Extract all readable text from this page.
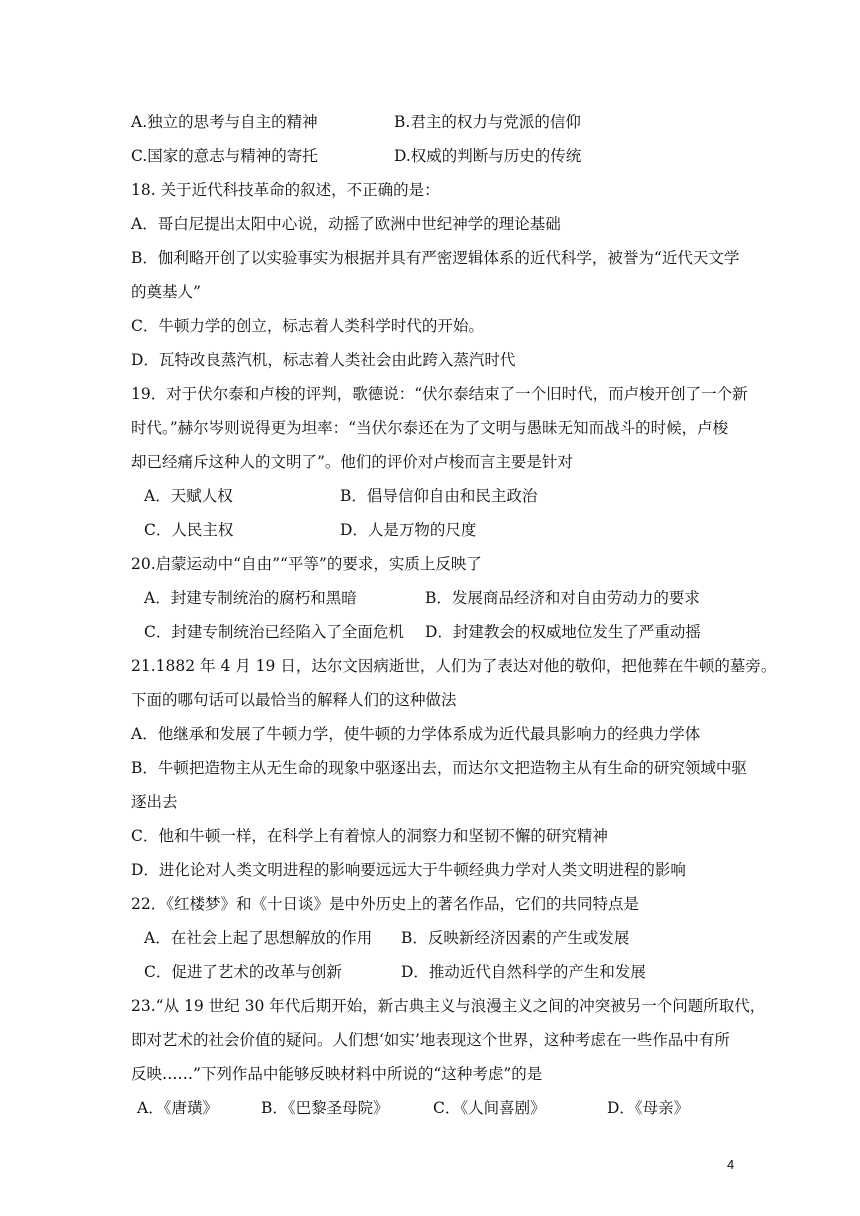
A.独立的思考与自主的精神	B.君主的权力与党派的信仰
C.国家的意志与精神的寄托	D.权威的判断与历史的传统
18. 关于近代科技革命的叙述，不正确的是：
A．哥白尼提出太阳中心说，动摇了欧洲中世纪神学的理论基础
B．伽利略开创了以实验事实为根据并具有严密逻辑体系的近代科学，被誉为“近代天文学
的奠基人”
C．牛顿力学的创立，标志着人类科学时代的开始。
D．瓦特改良蒸汽机，标志着人类社会由此跨入蒸汽时代
19．对于伏尔泰和卢梭的评判，歌德说：“伏尔泰结束了一个旧时代，而卢梭开创了一个新
时代。”赫尔岑则说得更为坦率：“当伏尔泰还在为了文明与愚昧无知而战斗的时候，卢梭
却已经痛斥这种人的文明了”。他们的评价对卢梭而言主要是针对
A．天赋人权	B．倡导信仰自由和民主政治
C．人民主权	D．人是万物的尺度
20.启蒙运动中“自由”“平等”的要求，实质上反映了
A．封建专制统治的腐朽和黑暗	B．发展商品经济和对自由劳动力的要求
C．封建专制统治已经陷入了全面危机 D．封建教会的权威地位发生了严重动摇
21.1882 年 4 月 19 日，达尔文因病逝世，人们为了表达对他的敬仰，把他葬在牛顿的墓旁。
下面的哪句话可以最恰当的解释人们的这种做法
A．他继承和发展了牛顿力学，使牛顿的力学体系成为近代最具影响力的经典力学体
B．牛顿把造物主从无生命的现象中驱逐出去，而达尔文把造物主从有生命的研究领域中驱
逐出去
C．他和牛顿一样，在科学上有着惊人的洞察力和坚韧不懈的研究精神
D．进化论对人类文明进程的影响要远远大于牛顿经典力学对人类文明进程的影响
22．《红楼梦》和《十日谈》是中外历史上的著名作品，它们的共同特点是
A．在社会上起了思想解放的作用 B．反映新经济因素的产生或发展
C．促进了艺术的改革与创新	D．推动近代自然科学的产生和发展
23.“从 19 世纪 30 年代后期开始，新古典主义与浪漫主义之间的冲突被另一个问题所取代，
即对艺术的社会价值的疑问。人们想‘如实’地表现这个世界，这种考虑在一些作品中有所
反映……”下列作品中能够反映材料中所说的“这种考虑”的是
A．《唐璜》	B．《巴黎圣母院》	C．《人间喜剧》	D．《母亲》
4
